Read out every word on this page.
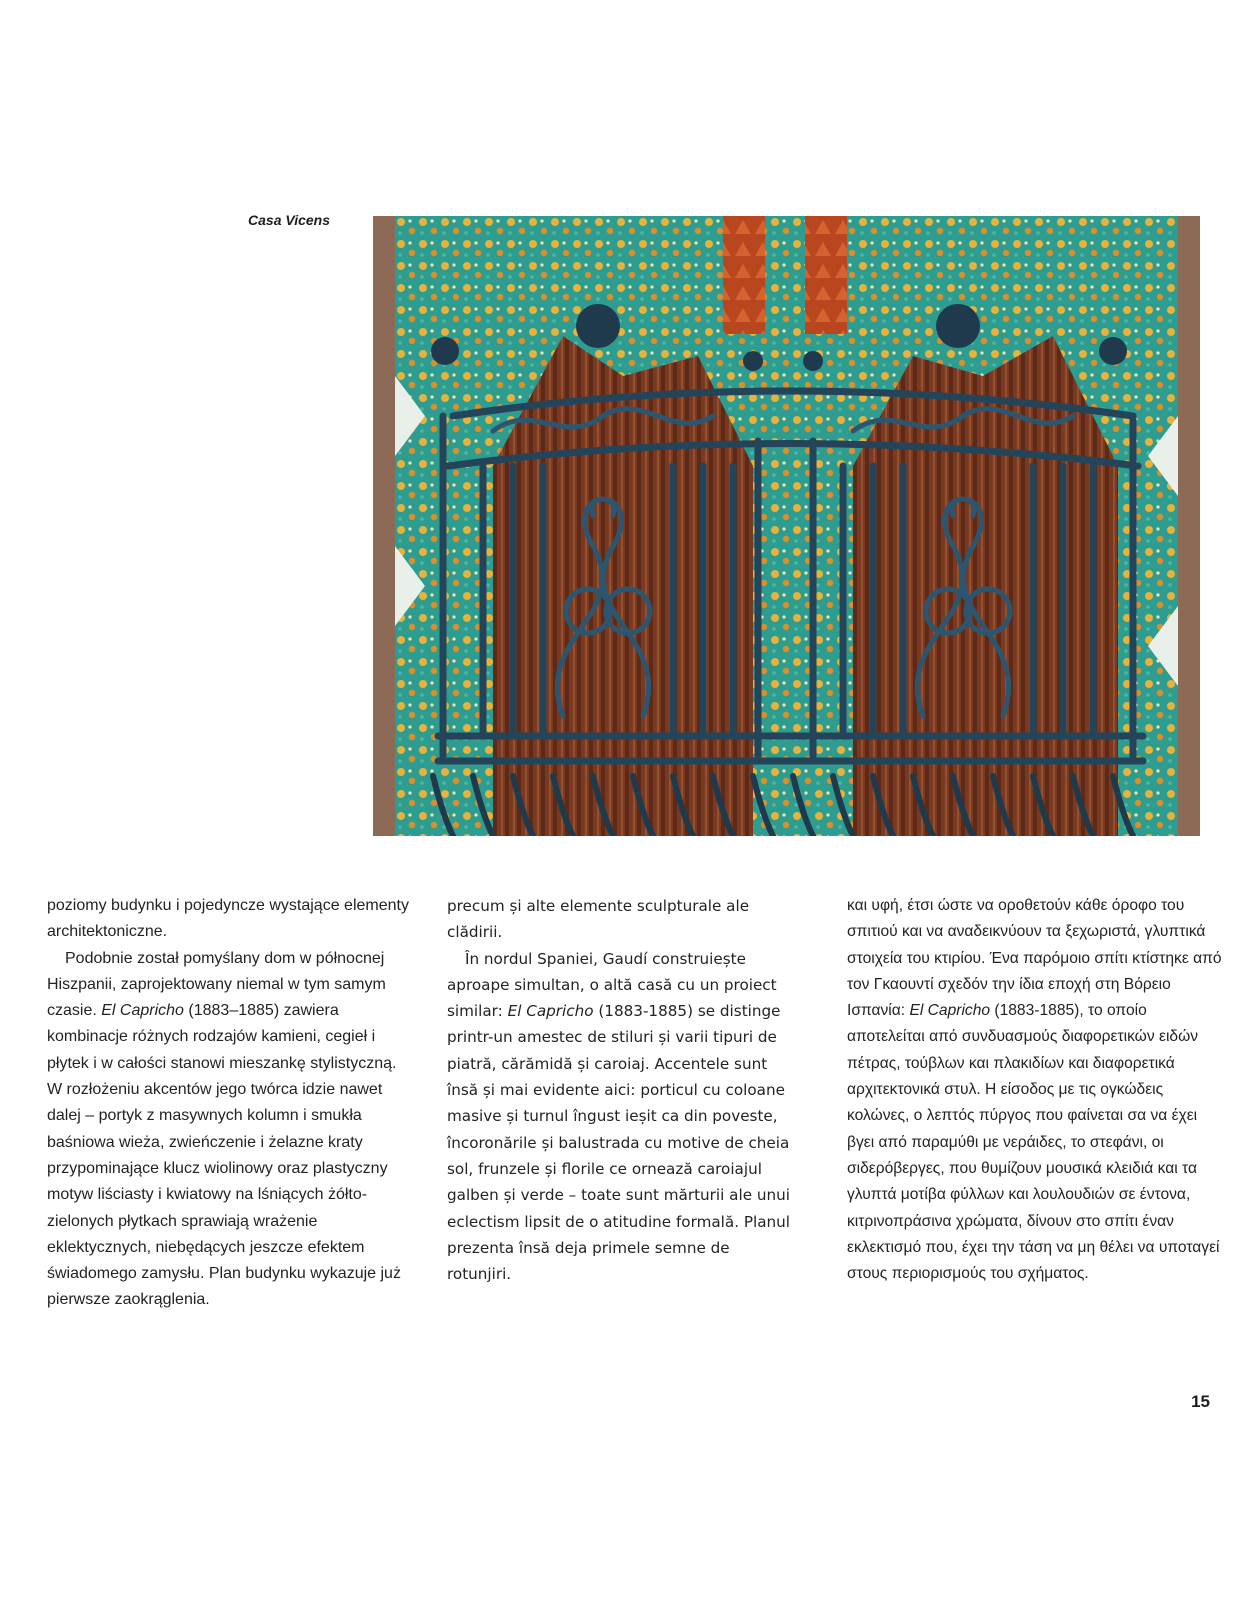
Casa Vicens

poziomy budynku i pojedyncze wystające elementy architektoniczne.

Podobnie został pomyślany dom w północnej Hiszpanii, zaprojektowany niemal w tym samym czasie. El Capricho (1883–1885) zawiera kombinacje różnych rodzajów kamieni, cegieł i płytek i w całości stanowi mieszankę stylistyczną. W rozłożeniu akcentów jego twórca idzie nawet dalej – portyk z masywnych kolumn i smukła baśniowa wieża, zwieńczenie i żelazne kraty przypominające klucz wiolinowy oraz plastyczny motyw liściasty i kwiatowy na lśniących żółto-zielonych płytkach sprawiają wrażenie eklektycznych, niebędących jeszcze efektem świadomego zamysłu. Plan budynku wykazuje już pierwsze zaokrąglenia.

precum și alte elemente sculpturale ale clădirii.

În nordul Spaniei, Gaudí construiește aproape simultan, o altă casă cu un proiect similar: El Capricho (1883-1885) se distinge printr-un amestec de stiluri și varii tipuri de piatră, cărămidă și caroiaj. Accentele sunt însă și mai evidente aici: porticul cu coloane masive și turnul îngust ieșit ca din poveste, încoronările și balustrada cu motive de cheia sol, frunzele și florile ce ornează caroiajul galben și verde – toate sunt mărturii ale unui eclectism lipsit de o atitudine formală. Planul prezenta însă deja primele semne de rotunjiri.

και υφή, έτσι ώστε να οροθετούν κάθε όροφο του σπιτιού και να αναδεικνύουν τα ξεχωριστά, γλυπτικά στοιχεία του κτιρίου. Ένα παρόμοιο σπίτι κτίστηκε από τον Γκαουντί σχεδόν την ίδια εποχή στη Βόρειο Ισπανία: El Capricho (1883-1885), το οποίο αποτελείται από συνδυασμούς διαφορετικών ειδών πέτρας, τούβλων και πλακιδίων και διαφορετικά αρχιτεκτονικά στυλ. Η είσοδος με τις ογκώδεις κολώνες, ο λεπτός πύργος που φαίνεται σα να έχει βγει από παραμύθι με νεράιδες, το στεφάνι, οι σιδερόβεργες, που θυμίζουν μουσικά κλειδιά και τα γλυπτά μοτίβα φύλλων και λουλουδιών σε έντονα, κιτρινοπράσινα χρώματα, δίνουν στο σπίτι έναν εκλεκτισμό που, έχει την τάση να μη θέλει να υποταγεί στους περιορισμούς του σχήματος.

15
